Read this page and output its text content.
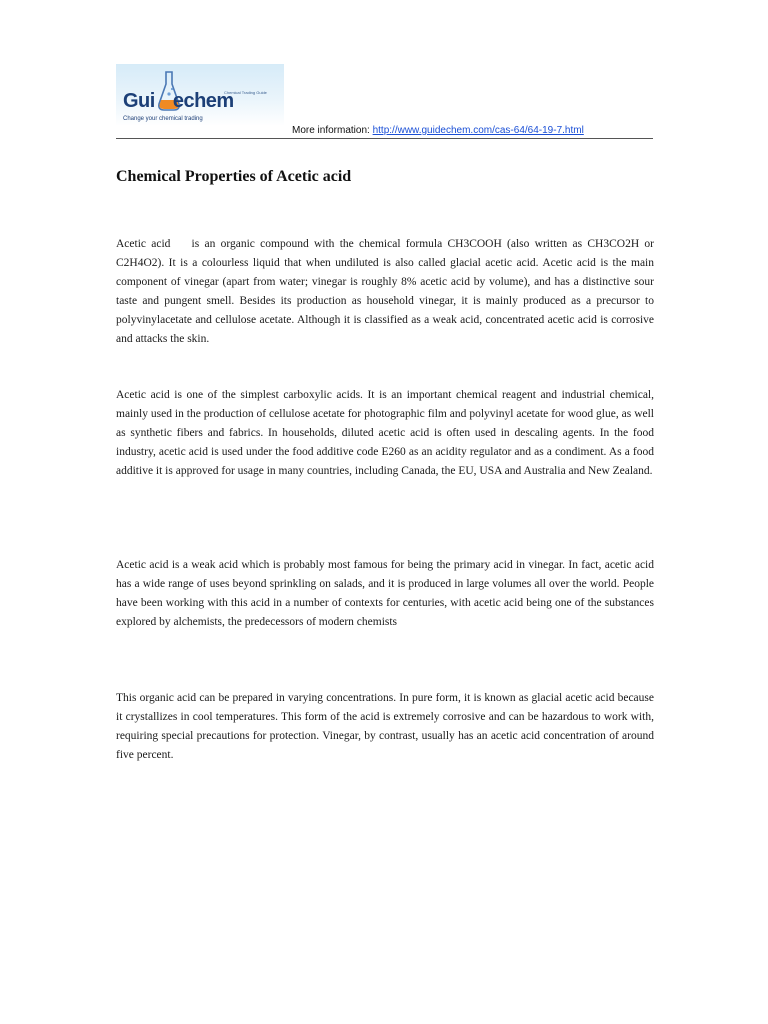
Gui echem
Chemical Trading Guide
Change your chemical trading
More information: http://www.guidechem.com/cas-64/64-19-7.html
Chemical Properties of Acetic acid

Acetic acid    is an organic compound with the chemical formula CH3COOH (also written as CH3CO2H or C2H4O2). It is a colourless liquid that when undiluted is also called glacial acetic acid. Acetic acid is the main component of vinegar (apart from water; vinegar is roughly 8% acetic acid by volume), and has a distinctive sour taste and pungent smell. Besides its production as household vinegar, it is mainly produced as a precursor to polyvinylacetate and cellulose acetate. Although it is classified as a weak acid, concentrated acetic acid is corrosive and attacks the skin.

Acetic acid is one of the simplest carboxylic acids. It is an important chemical reagent and industrial chemical, mainly used in the production of cellulose acetate for photographic film and polyvinyl acetate for wood glue, as well as synthetic fibers and fabrics. In households, diluted acetic acid is often used in descaling agents. In the food industry, acetic acid is used under the food additive code E260 as an acidity regulator and as a condiment. As a food additive it is approved for usage in many countries, including Canada, the EU, USA and Australia and New Zealand.

Acetic acid is a weak acid which is probably most famous for being the primary acid in vinegar. In fact, acetic acid has a wide range of uses beyond sprinkling on salads, and it is produced in large volumes all over the world. People have been working with this acid in a number of contexts for centuries, with acetic acid being one of the substances explored by alchemists, the predecessors of modern chemists

This organic acid can be prepared in varying concentrations. In pure form, it is known as glacial acetic acid because it crystallizes in cool temperatures. This form of the acid is extremely corrosive and can be hazardous to work with, requiring special precautions for protection. Vinegar, by contrast, usually has an acetic acid concentration of around five percent.
